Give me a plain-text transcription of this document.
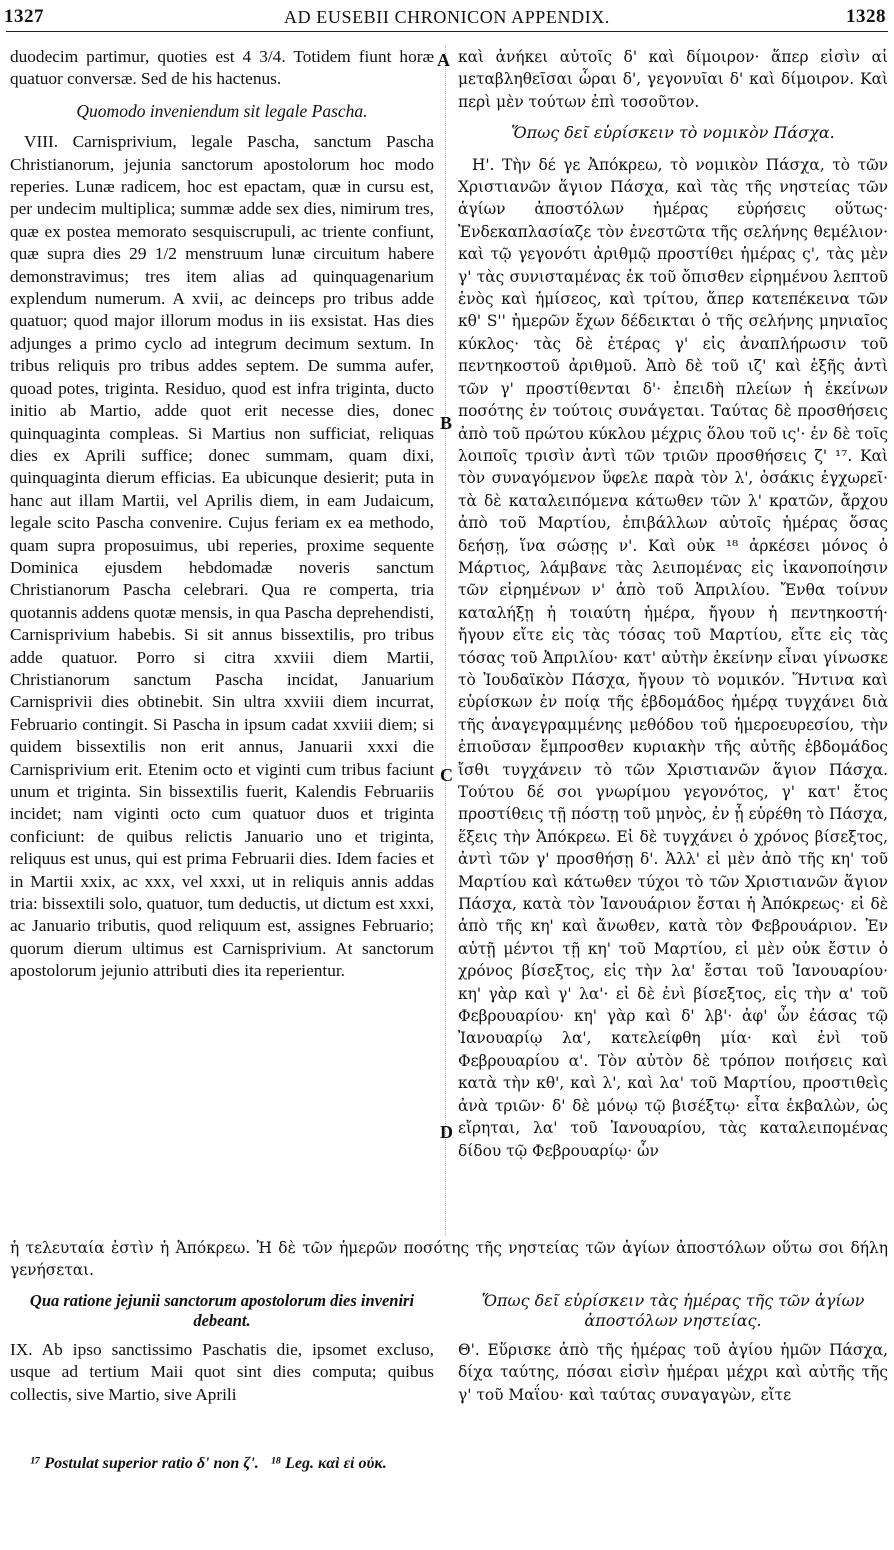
1327	AD EUSEBII CHRONICON APPENDIX.	1328
A
B
C
D

duodecim partimur, quoties est 4 3/4. Totidem fiunt horæ quatuor conversæ. Sed de his hactenus.

Quomodo inveniendum sit legale Pascha.

VIII. Carnisprivium, legale Pascha, sanctum Pascha Christianorum, jejunia sanctorum apostolorum hoc modo reperies. Lunæ radicem, hoc est epactam, quæ in cursu est, per undecim multiplica; summæ adde sex dies, nimirum tres, quæ ex postea memorato sesquiscrupuli, ac triente confiunt, quæ supra dies 29 1/2 menstruum lunæ circuitum habere demonstravimus; tres item alias ad quinquagenarium explendum numerum. A xvii, ac deinceps pro tribus adde quatuor; quod major illorum modus in iis exsistat. Has dies adjunges a primo cyclo ad integrum decimum sextum. In tribus reliquis pro tribus addes septem. De summa aufer, quoad potes, triginta. Residuo, quod est infra triginta, ducto initio ab Martio, adde quot erit necesse dies, donec quinquaginta compleas. Si Martius non sufficiat, reliquas dies ex Aprili suffice; donec summam, quam dixi, quinquaginta dierum efficias. Ea ubicunque desierit; puta in hanc aut illam Martii, vel Aprilis diem, in eam Judaicum, legale scito Pascha convenire. Cujus feriam ex ea methodo, quam supra proposuimus, ubi reperies, proxime sequente Dominica ejusdem hebdomadæ noveris sanctum Christianorum Pascha celebrari. Qua re comperta, tria quotannis addens quotæ mensis, in qua Pascha deprehendisti, Carnisprivium habebis. Si sit annus bissextilis, pro tribus adde quatuor. Porro si citra xxviii diem Martii, Christianorum sanctum Pascha incidat, Januarium Carnisprivii dies obtinebit. Sin ultra xxviii diem incurrat, Februario contingit. Si Pascha in ipsum cadat xxviii diem; si quidem bissextilis non erit annus, Januarii xxxi die Carnisprivium erit. Etenim octo et viginti cum tribus faciunt unum et triginta. Sin bissextilis fuerit, Kalendis Februariis incidet; nam viginti octo cum quatuor duos et triginta conficiunt: de quibus relictis Januario uno et triginta, reliquus est unus, qui est prima Februarii dies. Idem facies et in Martii xxix, ac xxx, vel xxxi, ut in reliquis annis addas tria: bissextili solo, quatuor, tum deductis, ut dictum est xxxi, ac Januario tributis, quod reliquum est, assignes Februario; quorum dierum ultimus est Carnisprivium. At sanctorum apostolorum jejunio attributi dies ita reperientur.

καὶ ἀνήκει αὐτοῖς δ' καὶ δίμοιρον· ἅπερ εἰσὶν αἱ μεταβληθεῖσαι ὧραι δ', γεγονυῖαι δ' καὶ δίμοιρον. Καὶ περὶ μὲν τούτων ἐπὶ τοσοῦτον.

Ὅπως δεῖ εὑρίσκειν τὸ νομικὸν Πάσχα.

Η'. Τὴν δέ γε Ἀπόκρεω, τὸ νομικὸν Πάσχα, τὸ τῶν Χριστιανῶν ἅγιον Πάσχα, καὶ τὰς τῆς νηστείας τῶν ἁγίων ἀποστόλων ἡμέρας εὑρήσεις οὕτως· Ἐνδεκαπλασίαζε τὸν ἐνεστῶτα τῆς σελήνης θεμέλιον· καὶ τῷ γεγονότι ἀριθμῷ προστίθει ἡμέρας ς', τὰς μὲν γ' τὰς συνισταμένας ἐκ τοῦ ὄπισθεν εἰρημένου λεπτοῦ ἑνὸς καὶ ἡμίσεος, καὶ τρίτου, ἅπερ κατεπέκεινα τῶν κθ' S'' ἡμερῶν ἔχων δέδεικται ὁ τῆς σελήνης μηνιαῖος κύκλος· τὰς δὲ ἑτέρας γ' εἰς ἀναπλήρωσιν τοῦ πεντηκοστοῦ ἀριθμοῦ. Ἀπὸ δὲ τοῦ ιζ' καὶ ἑξῆς ἀντὶ τῶν γ' προστίθενται δ'· ἐπειδὴ πλείων ἡ ἐκείνων ποσότης ἐν τούτοις συνάγεται. Ταύτας δὲ προσθήσεις ἀπὸ τοῦ πρώτου κύκλου μέχρις ὅλου τοῦ ις'· ἐν δὲ τοῖς λοιποῖς τρισὶν ἀντὶ τῶν τριῶν προσθήσεις ζ' ¹⁷. Καὶ τὸν συναγόμενον ὕφελε παρὰ τὸν λ', ὁσάκις ἐγχωρεῖ· τὰ δὲ καταλειπόμενα κάτωθεν τῶν λ' κρατῶν, ἄρχου ἀπὸ τοῦ Μαρτίου, ἐπιβάλλων αὐτοῖς ἡμέρας ὅσας δεήσῃ, ἵνα σώσῃς ν'. Καὶ οὐκ ¹⁸ ἀρκέσει μόνος ὁ Μάρτιος, λάμβανε τὰς λειπομένας εἰς ἱκανοποίησιν τῶν εἰρημένων ν' ἀπὸ τοῦ Ἀπριλίου. Ἔνθα τοίνυν καταλήξῃ ἡ τοιαύτη ἡμέρα, ἤγουν ἡ πεντηκοστή· ἤγουν εἴτε εἰς τὰς τόσας τοῦ Μαρτίου, εἴτε εἰς τὰς τόσας τοῦ Ἀπριλίου· κατ' αὐτὴν ἐκείνην εἶναι γίνωσκε τὸ Ἰουδαϊκὸν Πάσχα, ἤγουν τὸ νομικόν. Ἥντινα καὶ εὑρίσκων ἐν ποίᾳ τῆς ἑβδομάδος ἡμέρᾳ τυγχάνει διὰ τῆς ἀναγεγραμμένης μεθόδου τοῦ ἡμεροευρεσίου, τὴν ἐπιοῦσαν ἔμπροσθεν κυριακὴν τῆς αὐτῆς ἑβδομάδος ἴσθι τυγχάνειν τὸ τῶν Χριστιανῶν ἅγιον Πάσχα. Τούτου δέ σοι γνωρίμου γεγονότος, γ' κατ' ἔτος προστίθεις τῇ πόστῃ τοῦ μηνὸς, ἐν ᾗ εὑρέθη τὸ Πάσχα, ἕξεις τὴν Ἀπόκρεω. Εἰ δὲ τυγχάνει ὁ χρόνος βίσεξτος, ἀντὶ τῶν γ' προσθήσῃ δ'. Ἀλλ' εἰ μὲν ἀπὸ τῆς κη' τοῦ Μαρτίου καὶ κάτωθεν τύχοι τὸ τῶν Χριστιανῶν ἅγιον Πάσχα, κατὰ τὸν Ἰανουάριον ἔσται ἡ Ἀπόκρεως· εἰ δὲ ἀπὸ τῆς κη' καὶ ἄνωθεν, κατὰ τὸν Φεβρουάριον. Ἐν αὐτῇ μέντοι τῇ κη' τοῦ Μαρτίου, εἰ μὲν οὐκ ἔστιν ὁ χρόνος βίσεξτος, εἰς τὴν λα' ἔσται τοῦ Ἰανουαρίου· κη' γὰρ καὶ γ' λα'· εἰ δὲ ἐνὶ βίσεξτος, εἰς τὴν α' τοῦ Φεβρουαρίου· κη' γὰρ καὶ δ' λβ'· ἀφ' ὧν ἐάσας τῷ Ἰανουαρίῳ λα', κατελείφθη μία· καὶ ἐνὶ τοῦ Φεβρουαρίου α'. Τὸν αὐτὸν δὲ τρόπον ποιήσεις καὶ κατὰ τὴν κθ', καὶ λ', καὶ λα' τοῦ Μαρτίου, προστιθεὶς ἀνὰ τριῶν· δ' δὲ μόνῳ τῷ βισέξτῳ· εἶτα ἐκβαλὼν, ὡς εἴρηται, λα' τοῦ Ἰανουαρίου, τὰς καταλειπομένας δίδου τῷ Φεβρουαρίῳ· ὧν

ἡ τελευταία ἐστὶν ἡ Ἀπόκρεω. Ἡ δὲ τῶν ἡμερῶν ποσότης τῆς νηστείας τῶν ἁγίων ἀποστόλων οὕτω σοι δήλη γενήσεται.
Qua ratione jejunii sanctorum apostolorum dies inveniri debeant.

IX. Ab ipso sanctissimo Paschatis die, ipsomet excluso, usque ad tertium Maii quot sint dies computa; quibus collectis, sive Martio, sive Aprili

Ὅπως δεῖ εὑρίσκειν τὰς ἡμέρας τῆς τῶν ἁγίων ἀποστόλων νηστείας.

Θ'. Εὕρισκε ἀπὸ τῆς ἡμέρας τοῦ ἁγίου ἡμῶν Πάσχα, δίχα ταύτης, πόσαι εἰσὶν ἡμέραι μέχρι καὶ αὐτῆς τῆς γ' τοῦ Μαΐου· καὶ ταύτας συναγαγὼν, εἴτε

¹⁷ Postulat superior ratio δ' non ζ'. ¹⁸ Leg. καὶ εἰ οὐκ.
